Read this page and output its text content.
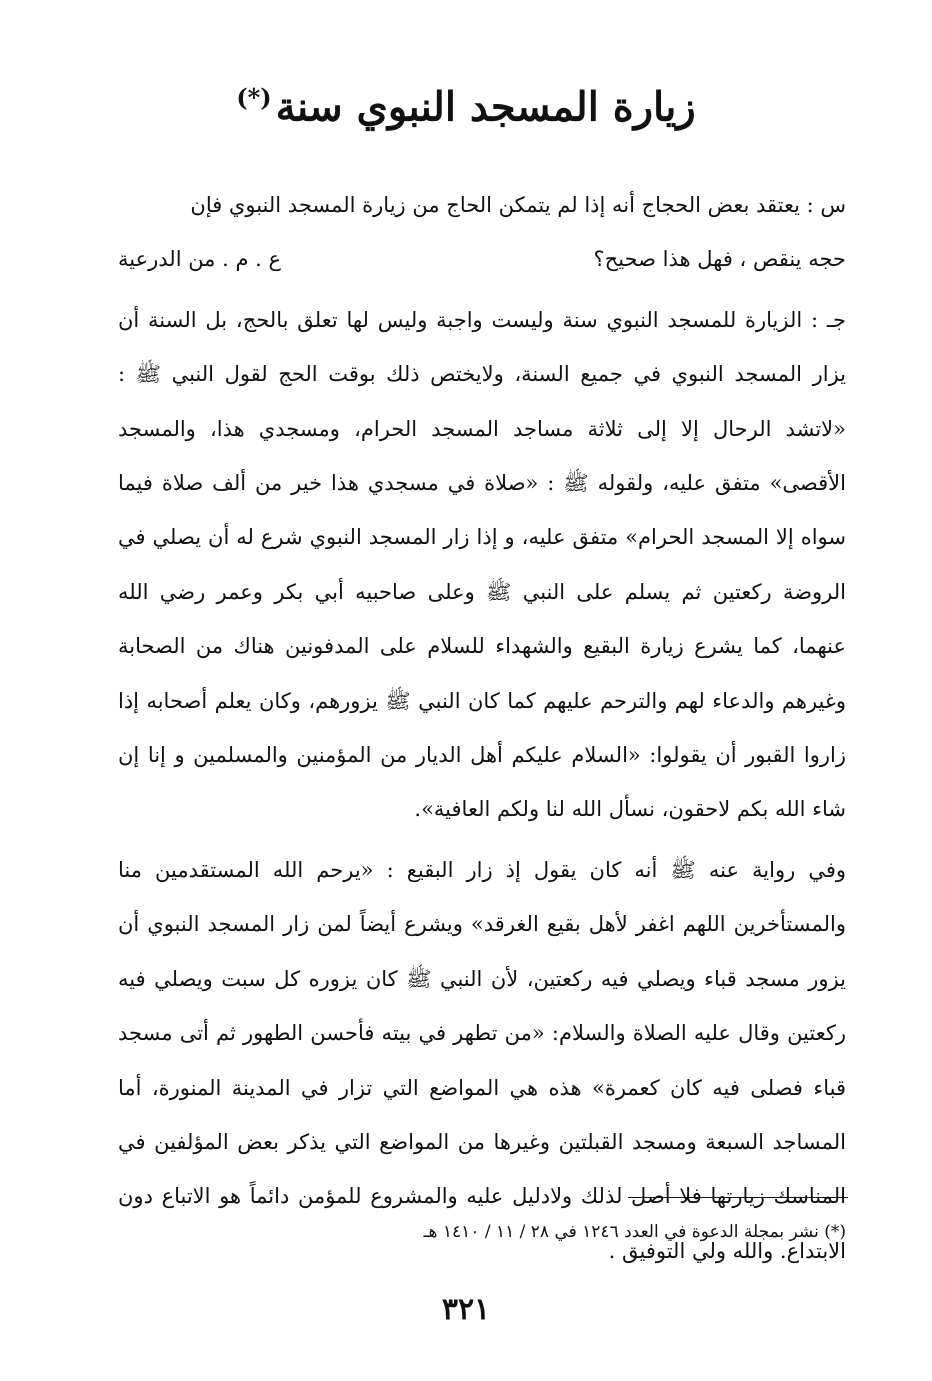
زيارة المسجد النبوي سنة(*)

س : يعتقد بعض الحجاج أنه إذا لم يتمكن الحاج من زيارة المسجد النبوي فإن

حجه ينقص ، فهل هذا صحيح؟
ع . م . من الدرعية

جـ : الزيارة للمسجد النبوي سنة وليست واجبة وليس لها تعلق بالحج، بل السنة أن يزار المسجد النبوي في جميع السنة، ولايختص ذلك بوقت الحج لقول النبي ﷺ : «لاتشد الرحال إلا إلى ثلاثة مساجد المسجد الحرام، ومسجدي هذا، والمسجد الأقصى» متفق عليه، ولقوله ﷺ : «صلاة في مسجدي هذا خير من ألف صلاة فيما سواه إلا المسجد الحرام» متفق عليه، و إذا زار المسجد النبوي شرع له أن يصلي في الروضة ركعتين ثم يسلم على النبي ﷺ وعلى صاحبيه أبي بكر وعمر رضي الله عنهما، كما يشرع زيارة البقيع والشهداء للسلام على المدفونين هناك من الصحابة وغيرهم والدعاء لهم والترحم عليهم كما كان النبي ﷺ يزورهم، وكان يعلم أصحابه إذا زاروا القبور أن يقولوا: «السلام عليكم أهل الديار من المؤمنين والمسلمين و إنا إن شاء الله بكم لاحقون، نسأل الله لنا ولكم العافية».

وفي رواية عنه ﷺ أنه كان يقول إذ زار البقيع : «يرحم الله المستقدمين منا والمستأخرين اللهم اغفر لأهل بقيع الغرقد» ويشرع أيضاً لمن زار المسجد النبوي أن يزور مسجد قباء ويصلي فيه ركعتين، لأن النبي ﷺ كان يزوره كل سبت ويصلي فيه ركعتين وقال عليه الصلاة والسلام: «من تطهر في بيته فأحسن الطهور ثم أتى مسجد قباء فصلى فيه كان كعمرة» هذه هي المواضع التي تزار في المدينة المنورة، أما المساجد السبعة ومسجد القبلتين وغيرها من المواضع التي يذكر بعض المؤلفين في المناسك زيارتها فلا أصل لذلك ولادليل عليه والمشروع للمؤمن دائماً هو الاتباع دون الابتداع. والله ولي التوفيق .

(*) نشر بمجلة الدعوة في العدد ١٢٤٦ في ٢٨ / ١١ / ١٤١٠ هـ

٣٢١
